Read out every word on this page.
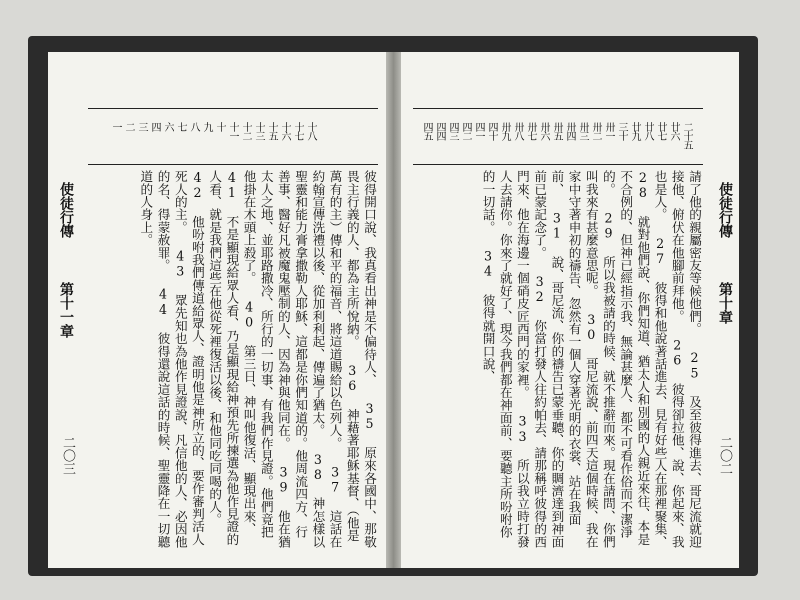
十八
十七
十六
十五
十三
十二
十一
十
九
八
七
六
四
三
二
一
彼得開口說、我真看出神是不偏待人、 35 原來各國中、那敬畏主行義的人、都為主所悅納。 36 神藉著耶穌基督、（他是萬有的主）傳和平的福音、將這道賜給以色列人。 37 這話在約翰宣傳洗禮以後、從加利利起、傳遍了猶太。 38 神怎樣以聖靈和能力膏拿撒勒人耶穌、這都是你們知道的。他周流四方、行善事、醫好凡被魔鬼壓制的人、因為神與他同在。 39 他在猶太人之地、並耶路撒冷、所行的一切事、有我們作見證。他們竟把他掛在木頭上殺了。 40 第三日、神叫他復活、顯現出來、 41 不是顯現給眾人看、乃是顯現給神預先所揀選為他作見證的人看、就是我們這些在他從死裡復活以後、和他同吃同喝的人。 42 他吩咐我們傳道給眾人、證明他是神所立的、要作審判活人死人的主。 43 眾先知也為他作見證說、凡信他的人、必因他的名、得蒙赦罪。 44 彼得還說這話的時候、聖靈降在一切聽道的人身上。
使徒行傳
第十一章
二〇三
二十五
廿六
廿七
廿八
廿九
三十
卅一
卅二
卅三
卅四
卅五
卅六
卅七
卅八
卅九
四十
四一
四二
四三
四四
四五
請了他的親屬密友等候他們。 25 及至彼得進去、哥尼流就迎接他、俯伏在他腳前拜他。 26 彼得卻拉他、說、你起來、我也是人。 27 彼得和他說著話進去、見有好些人在那裡聚集、 28 就對他們說、你們知道、猶太人和別國的人親近來往、本是不合例的、但神已經指示我、無論甚麼人、都不可看作俗而不潔淨的。 29 所以我被請的時候、就不推辭而來。現在請問、你們叫我來有甚麼意思呢。 30 哥尼流說、前四天這個時候、我在家中守著申初的禱告、忽然有一個人穿著光明的衣裳、站在我面前、 31 說、哥尼流、你的禱告已蒙垂聽、你的賙濟達到神面前已蒙記念了。 32 你當打發人往約帕去、請那稱呼彼得的西門來、他在海邊一個硝皮匠西門的家裡。 33 所以我立時打發人去請你。你來了就好了、現今我們都在神面前、要聽主所吩咐你的一切話。 34 彼得就開口說、	使徒行傳
第十章
二〇二
